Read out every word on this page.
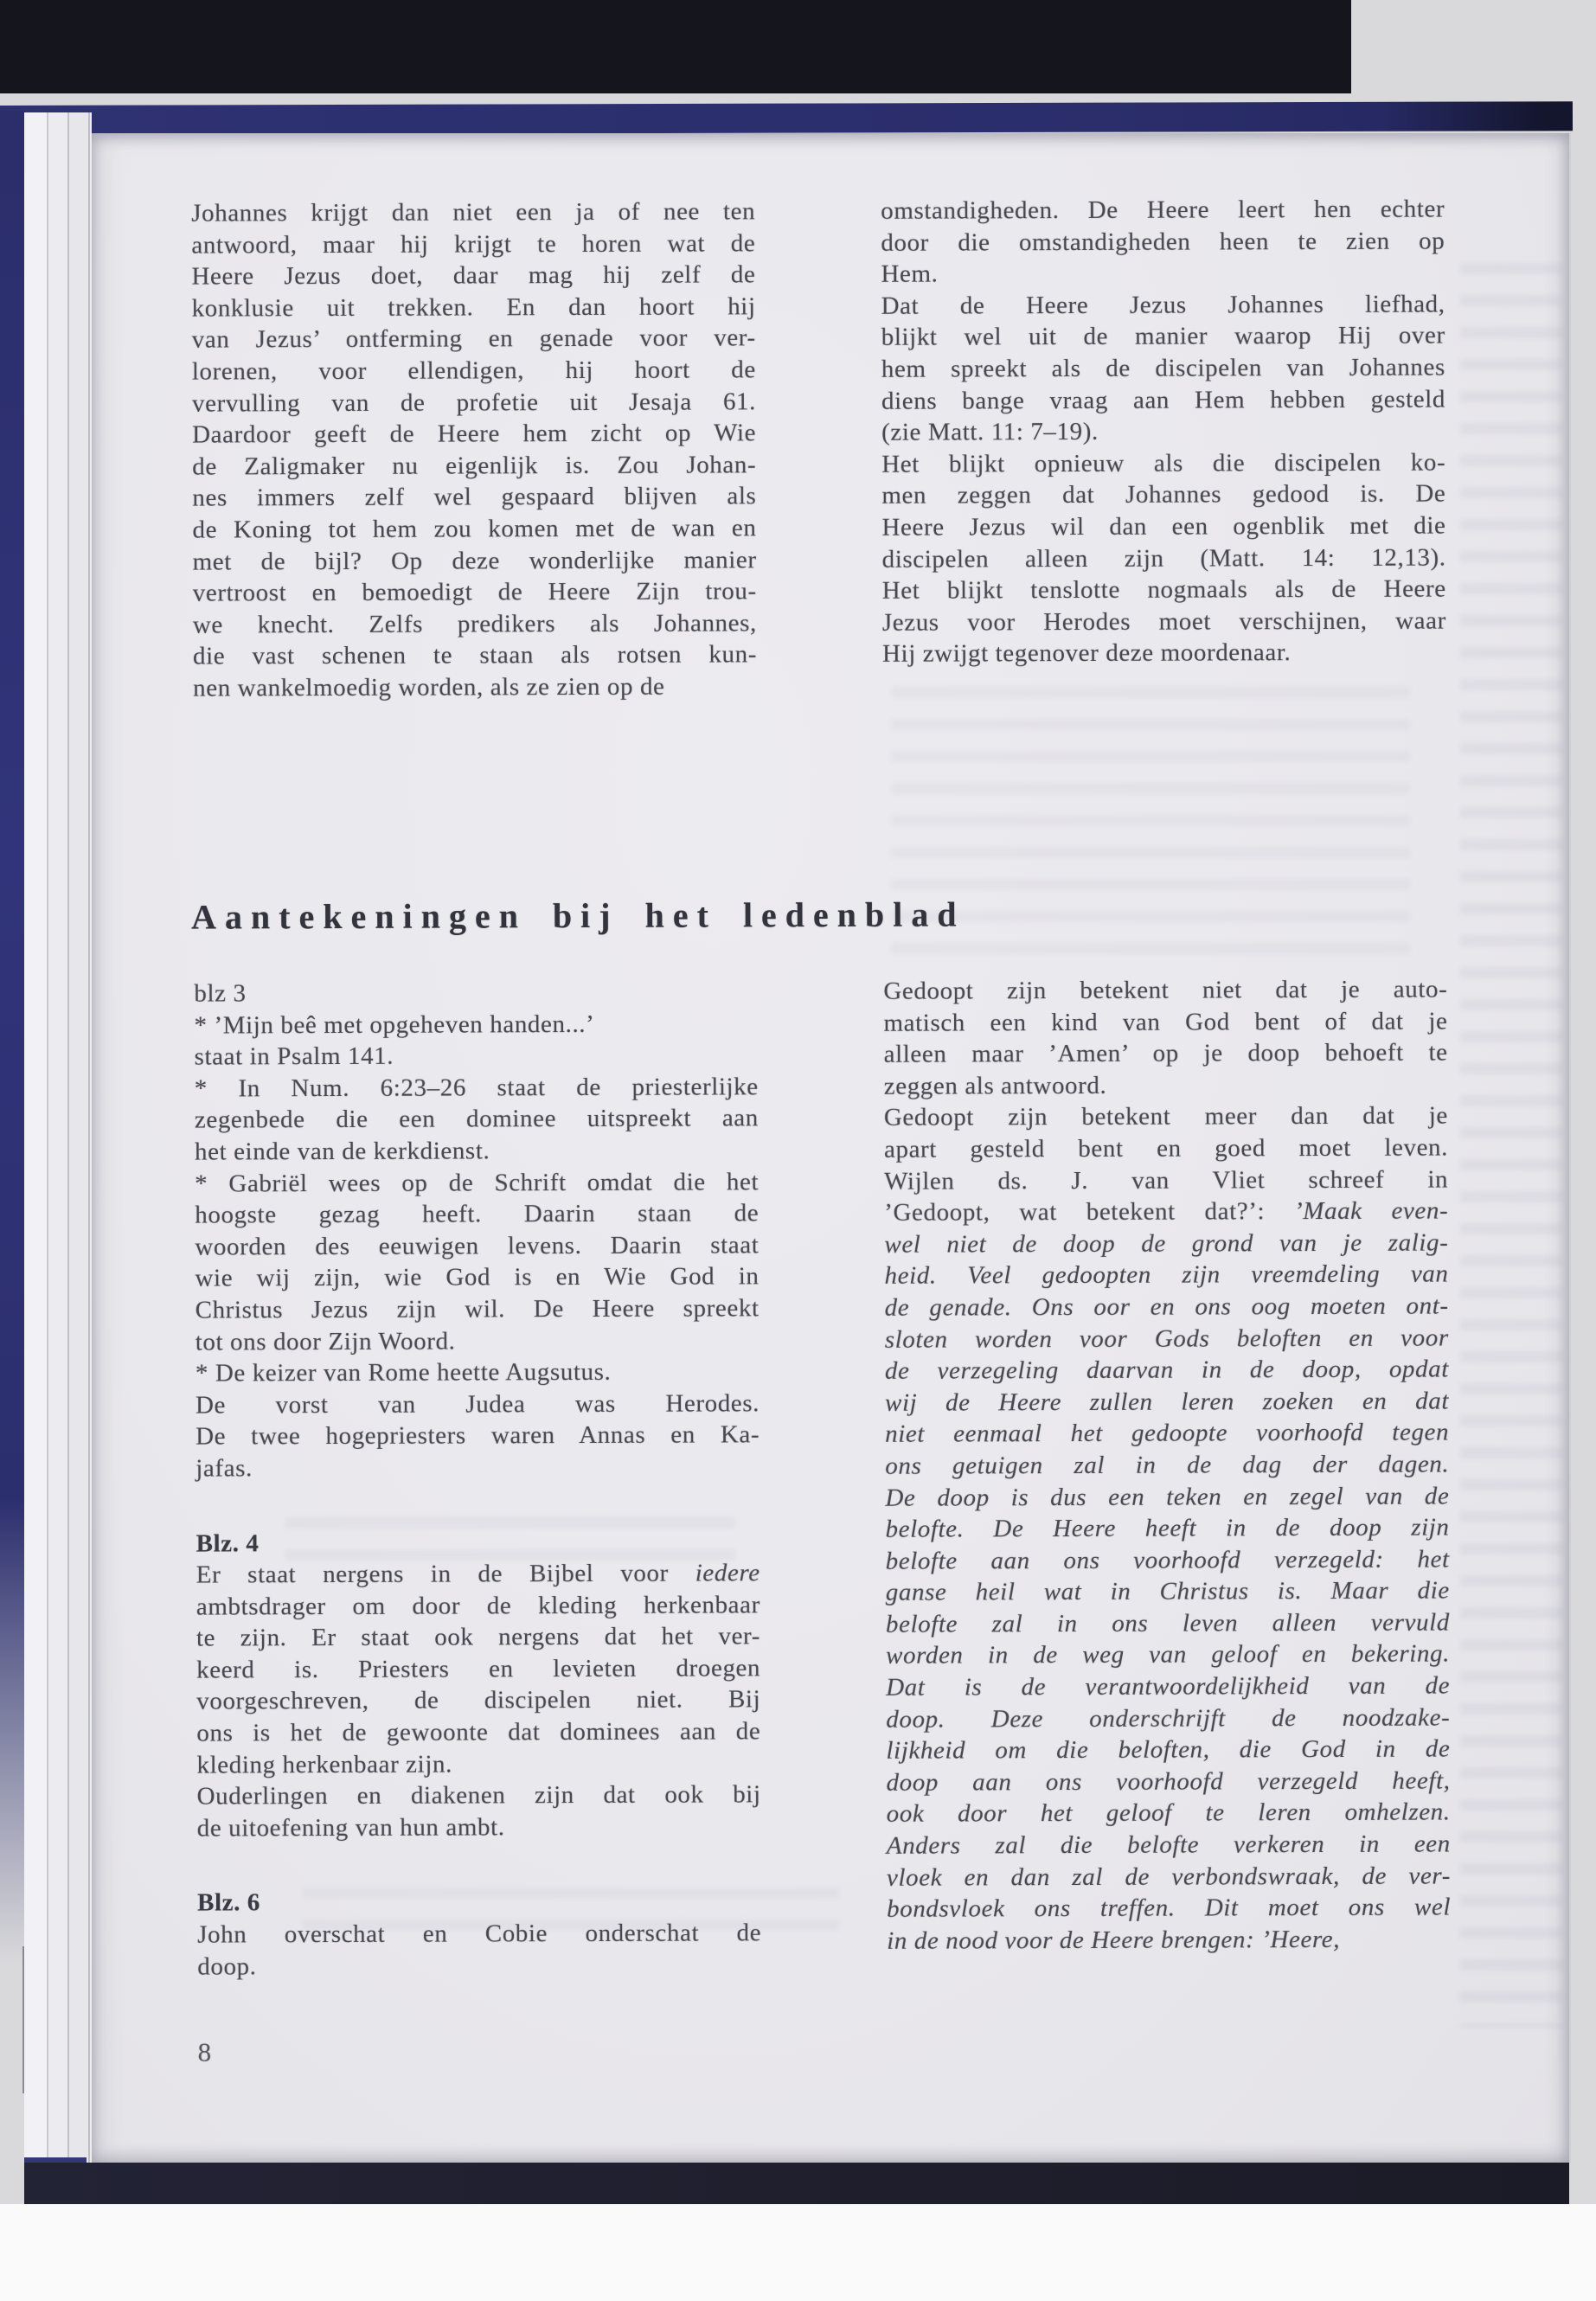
Johannes krijgt dan niet een ja of nee ten
antwoord, maar hij krijgt te horen wat de
Heere Jezus doet, daar mag hij zelf de
konklusie uit trekken. En dan hoort hij
van Jezus’ ontferming en genade voor ver-
lorenen, voor ellendigen, hij hoort de
vervulling van de profetie uit Jesaja 61.
Daardoor geeft de Heere hem zicht op Wie
de Zaligmaker nu eigenlijk is. Zou Johan-
nes immers zelf wel gespaard blijven als
de Koning tot hem zou komen met de wan en
met de bijl? Op deze wonderlijke manier
vertroost en bemoedigt de Heere Zijn trou-
we knecht. Zelfs predikers als Johannes,
die vast schenen te staan als rotsen kun-
nen wankelmoedig worden, als ze zien op de
omstandigheden. De Heere leert hen echter
door die omstandigheden heen te zien op
Hem.
Dat de Heere Jezus Johannes liefhad,
blijkt wel uit de manier waarop Hij over
hem spreekt als de discipelen van Johannes
diens bange vraag aan Hem hebben gesteld
(zie Matt. 11: 7–19).
Het blijkt opnieuw als die discipelen ko-
men zeggen dat Johannes gedood is. De
Heere Jezus wil dan een ogenblik met die
discipelen alleen zijn (Matt. 14: 12,13).
Het blijkt tenslotte nogmaals als de Heere
Jezus voor Herodes moet verschijnen, waar
Hij zwijgt tegenover deze moordenaar.
Aantekeningen bij het ledenblad
blz 3
* ’Mijn beê met opgeheven handen...’
staat in Psalm 141.
* In Num. 6:23–26 staat de priesterlijke
zegenbede die een dominee uitspreekt aan
het einde van de kerkdienst.
* Gabriël wees op de Schrift omdat die het
hoogste gezag heeft. Daarin staan de
woorden des eeuwigen levens. Daarin staat
wie wij zijn, wie God is en Wie God in
Christus Jezus zijn wil. De Heere spreekt
tot ons door Zijn Woord.
* De keizer van Rome heette Augsutus.
De vorst van Judea was Herodes.
De twee hogepriesters waren Annas en Ka-
jafas.
Blz. 4
Er staat nergens in de Bijbel voor iedere
ambtsdrager om door de kleding herkenbaar
te zijn. Er staat ook nergens dat het ver-
keerd is. Priesters en levieten droegen
voorgeschreven, de discipelen niet. Bij
ons is het de gewoonte dat dominees aan de
kleding herkenbaar zijn.
Ouderlingen en diakenen zijn dat ook bij
de uitoefening van hun ambt.
Blz. 6
John overschat en Cobie onderschat de
doop.
Gedoopt zijn betekent niet dat je auto-
matisch een kind van God bent of dat je
alleen maar ’Amen’ op je doop behoeft te
zeggen als antwoord.
Gedoopt zijn betekent meer dan dat je
apart gesteld bent en goed moet leven.
Wijlen ds. J. van Vliet schreef in
’Gedoopt, wat betekent dat?’: ’Maak even-
wel niet de doop de grond van je zalig-
heid. Veel gedoopten zijn vreemdeling van
de genade. Ons oor en ons oog moeten ont-
sloten worden voor Gods beloften en voor
de verzegeling daarvan in de doop, opdat
wij de Heere zullen leren zoeken en dat
niet eenmaal het gedoopte voorhoofd tegen
ons getuigen zal in de dag der dagen.
De doop is dus een teken en zegel van de
belofte. De Heere heeft in de doop zijn
belofte aan ons voorhoofd verzegeld: het
ganse heil wat in Christus is. Maar die
belofte zal in ons leven alleen vervuld
worden in de weg van geloof en bekering.
Dat is de verantwoordelijkheid van de
doop. Deze onderschrijft de noodzake-
lijkheid om die beloften, die God in de
doop aan ons voorhoofd verzegeld heeft,
ook door het geloof te leren omhelzen.
Anders zal die belofte verkeren in een
vloek en dan zal de verbondswraak, de ver-
bondsvloek ons treffen. Dit moet ons wel
in de nood voor de Heere brengen: ’Heere,
8
